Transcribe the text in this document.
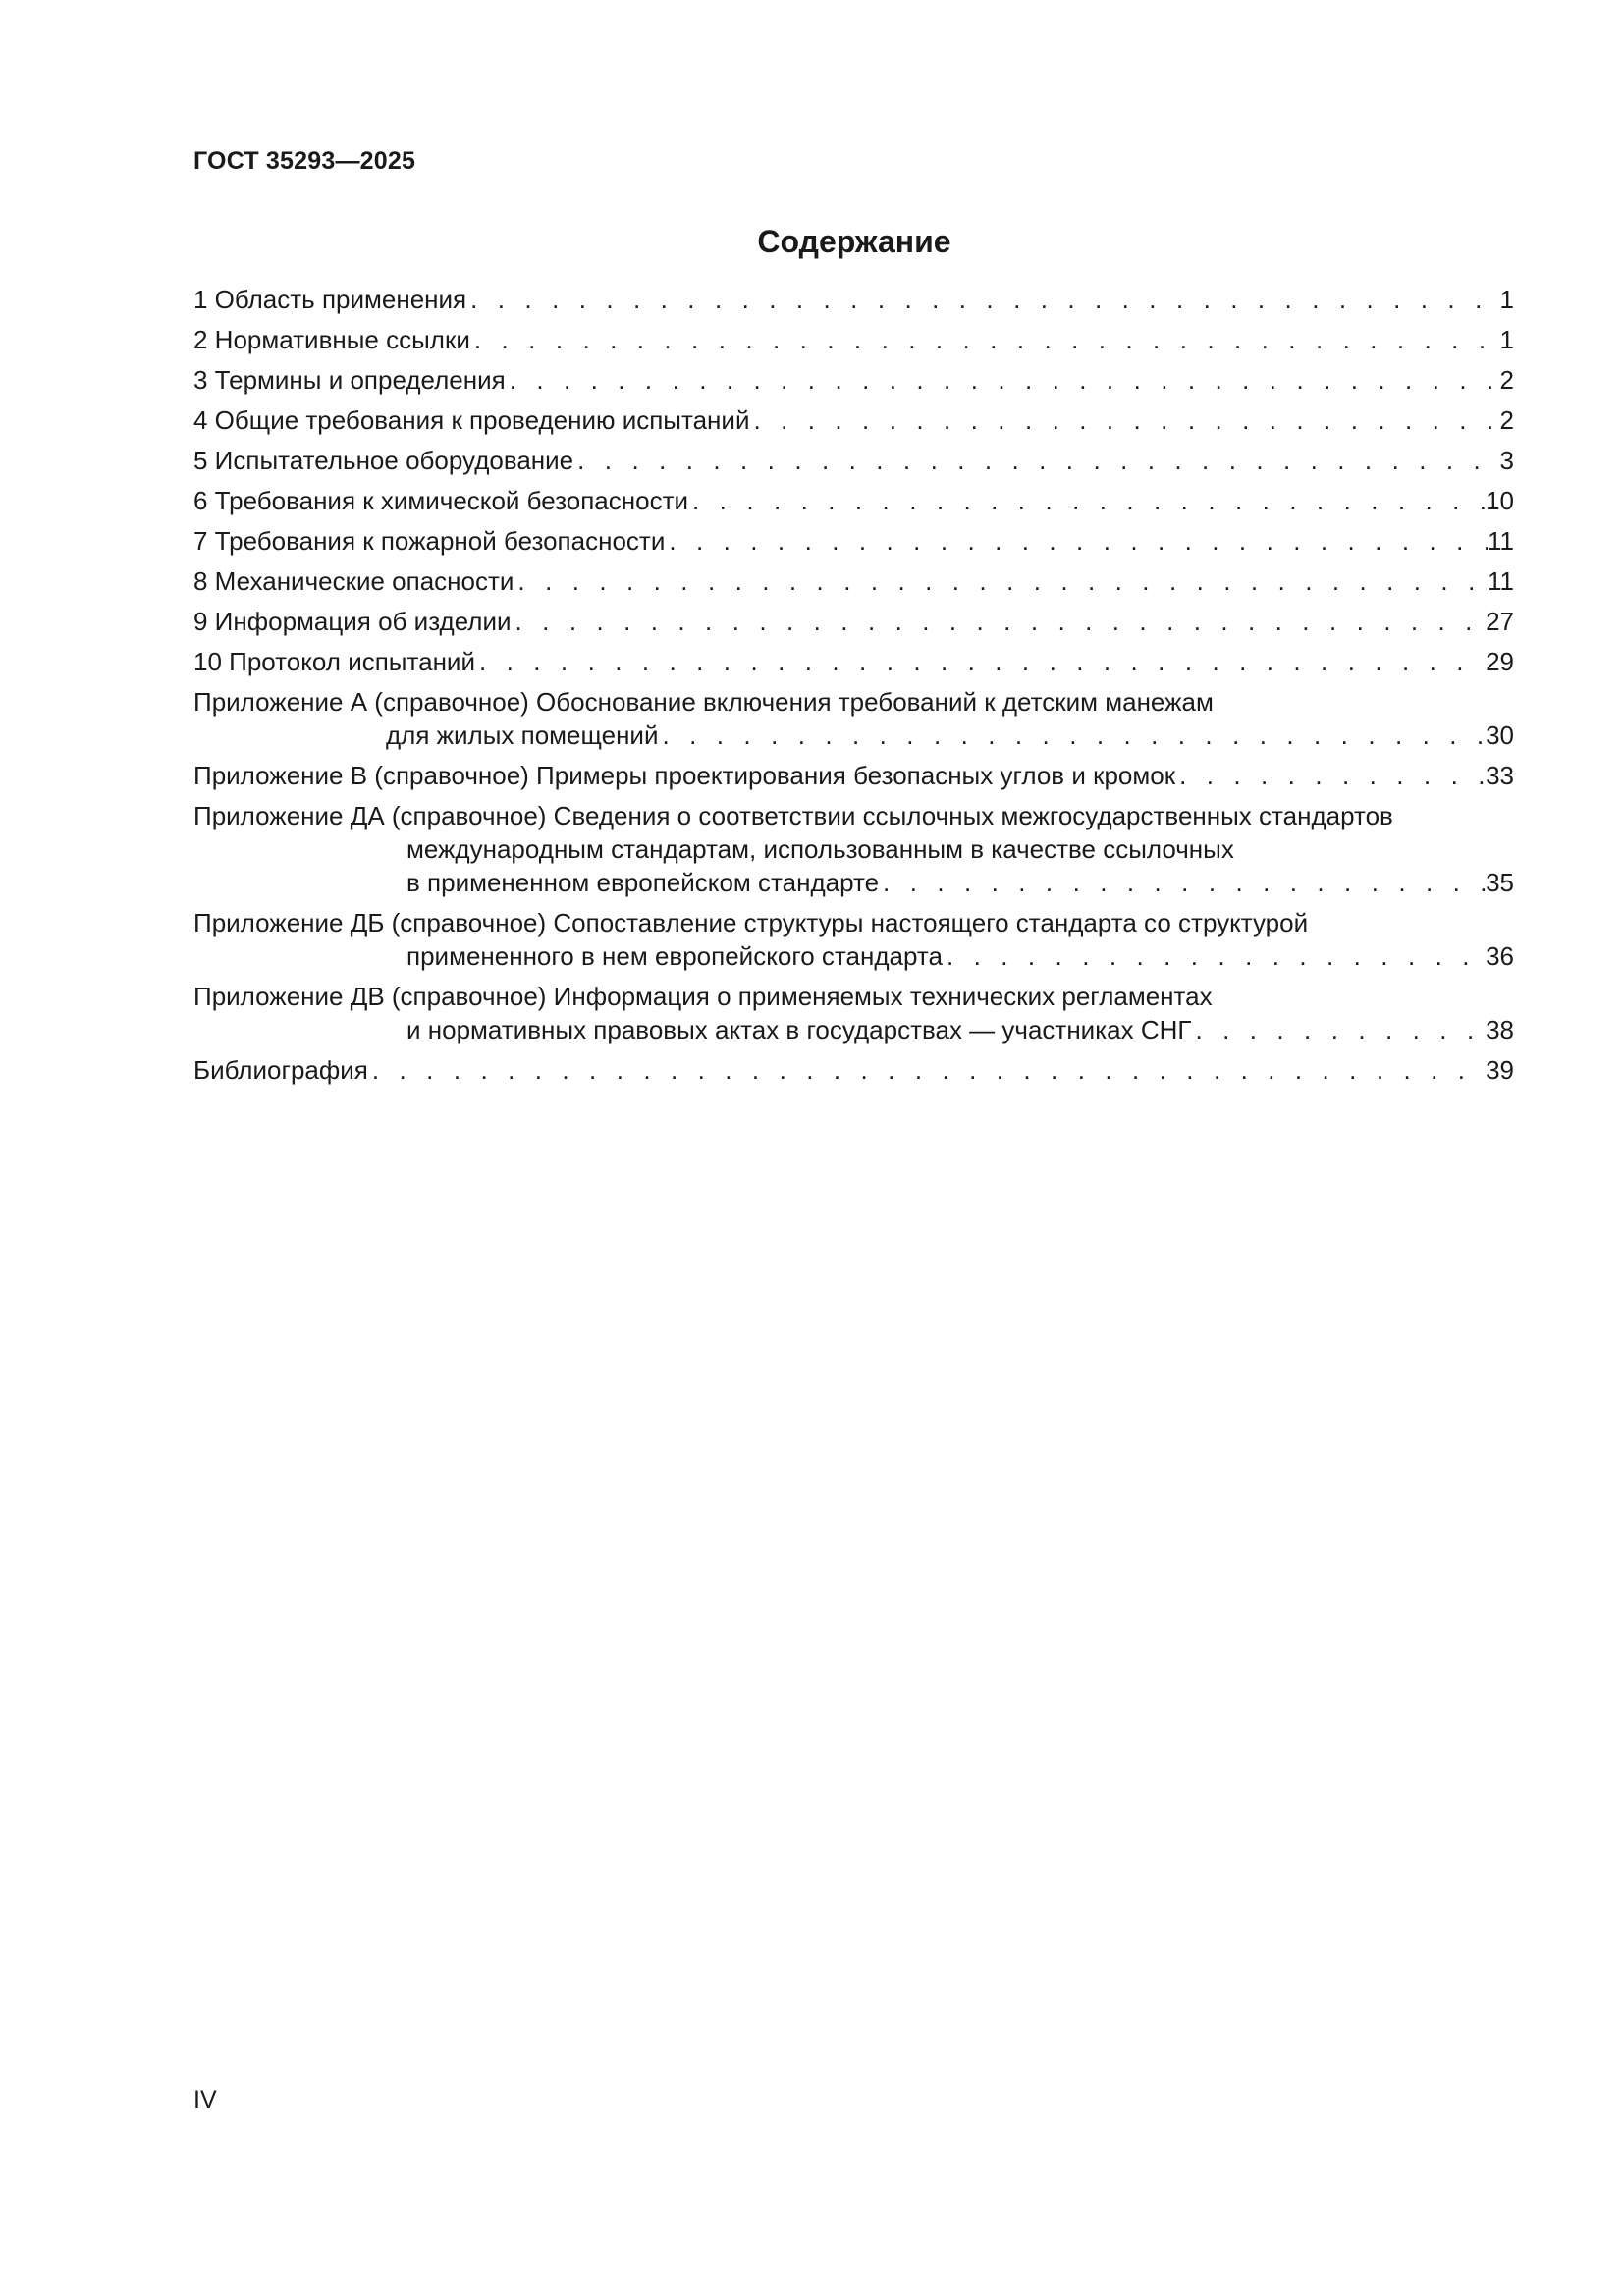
ГОСТ 35293—2025
Содержание
1 Область применения . . .	1
2 Нормативные ссылки . . .	1
3 Термины и определения . . .	2
4 Общие требования к проведению испытаний . . .	2
5 Испытательное оборудование . . .	3
6 Требования к химической безопасности . . .	10
7 Требования к пожарной безопасности . . .	11
8 Механические опасности . . .	11
9 Информация об изделии . . .	27
10 Протокол испытаний . . .	29
Приложение А (справочное) Обоснование включения требований к детским манежам
для жилых помещений . . .	30
Приложение В (справочное) Примеры проектирования безопасных углов и кромок . . .	33
Приложение ДА (справочное) Сведения о соответствии ссылочных межгосударственных стандартов
международным стандартам, использованным в качестве ссылочных
в примененном европейском стандарте . . .	35
Приложение ДБ (справочное) Сопоставление структуры настоящего стандарта со структурой
примененного в нем европейского стандарта . . .	36
Приложение ДВ (справочное) Информация о применяемых технических регламентах
и нормативных правовых актах в государствах — участниках СНГ . . .	38
Библиография . . .	39
IV
